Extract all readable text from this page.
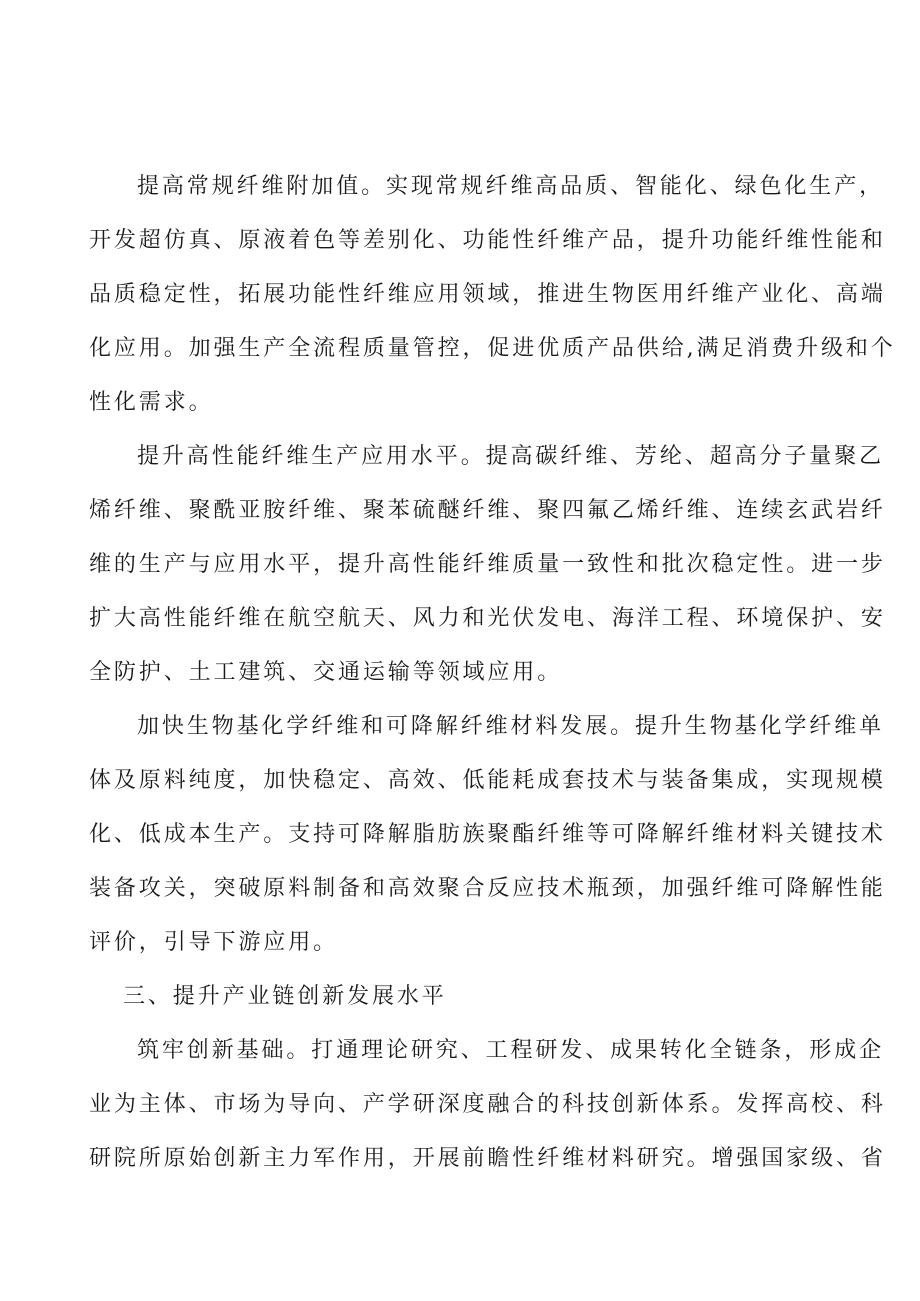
提高常规纤维附加值。实现常规纤维高品质、智能化、绿色化生产，
开发超仿真、原液着色等差别化、功能性纤维产品，提升功能纤维性能和
品质稳定性，拓展功能性纤维应用领域，推进生物医用纤维产业化、高端
化应用。加强生产全流程质量管控，促进优质产品供给,满足消费升级和个
性化需求。

提升高性能纤维生产应用水平。提高碳纤维、芳纶、超高分子量聚乙
烯纤维、聚酰亚胺纤维、聚苯硫醚纤维、聚四氟乙烯纤维、连续玄武岩纤
维的生产与应用水平，提升高性能纤维质量一致性和批次稳定性。进一步
扩大高性能纤维在航空航天、风力和光伏发电、海洋工程、环境保护、安
全防护、土工建筑、交通运输等领域应用。

加快生物基化学纤维和可降解纤维材料发展。提升生物基化学纤维单
体及原料纯度，加快稳定、高效、低能耗成套技术与装备集成，实现规模
化、低成本生产。支持可降解脂肪族聚酯纤维等可降解纤维材料关键技术
装备攻关，突破原料制备和高效聚合反应技术瓶颈，加强纤维可降解性能
评价，引导下游应用。

三、提升产业链创新发展水平

筑牢创新基础。打通理论研究、工程研发、成果转化全链条，形成企
业为主体、市场为导向、产学研深度融合的科技创新体系。发挥高校、科
研院所原始创新主力军作用，开展前瞻性纤维材料研究。增强国家级、省
